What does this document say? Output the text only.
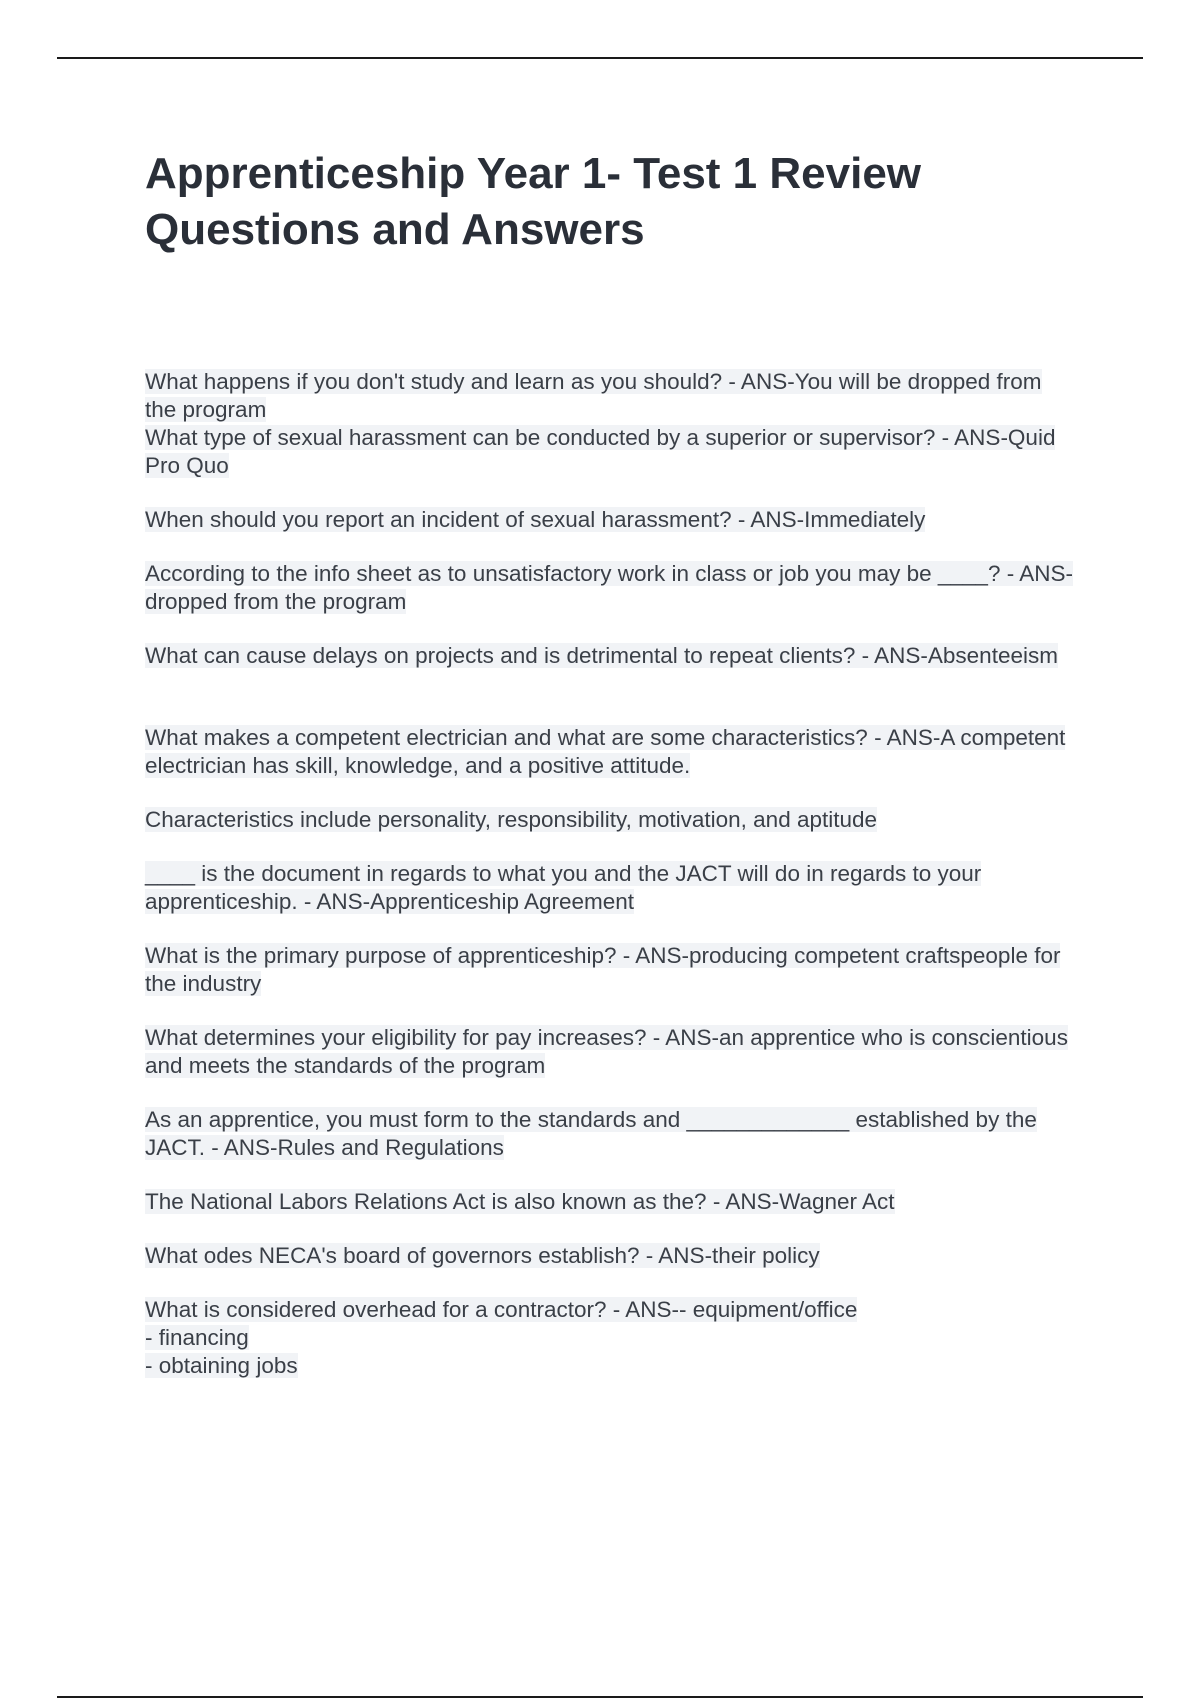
Apprenticeship Year 1- Test 1 Review Questions and Answers

What happens if you don't study and learn as you should? - ANS-You will be dropped from the program

What type of sexual harassment can be conducted by a superior or supervisor? - ANS-Quid Pro Quo

When should you report an incident of sexual harassment? - ANS-Immediately

According to the info sheet as to unsatisfactory work in class or job you may be ____? - ANS-dropped from the program

What can cause delays on projects and is detrimental to repeat clients? - ANS-Absenteeism

What makes a competent electrician and what are some characteristics? - ANS-A competent electrician has skill, knowledge, and a positive attitude.

Characteristics include personality, responsibility, motivation, and aptitude

____ is the document in regards to what you and the JACT will do in regards to your apprenticeship. - ANS-Apprenticeship Agreement

What is the primary purpose of apprenticeship? - ANS-producing competent craftspeople for the industry

What determines your eligibility for pay increases? - ANS-an apprentice who is conscientious and meets the standards of the program

As an apprentice, you must form to the standards and _____________ established by the JACT. - ANS-Rules and Regulations

The National Labors Relations Act is also known as the? - ANS-Wagner Act

What odes NECA's board of governors establish? - ANS-their policy

What is considered overhead for a contractor? - ANS-- equipment/office
- financing
- obtaining jobs
